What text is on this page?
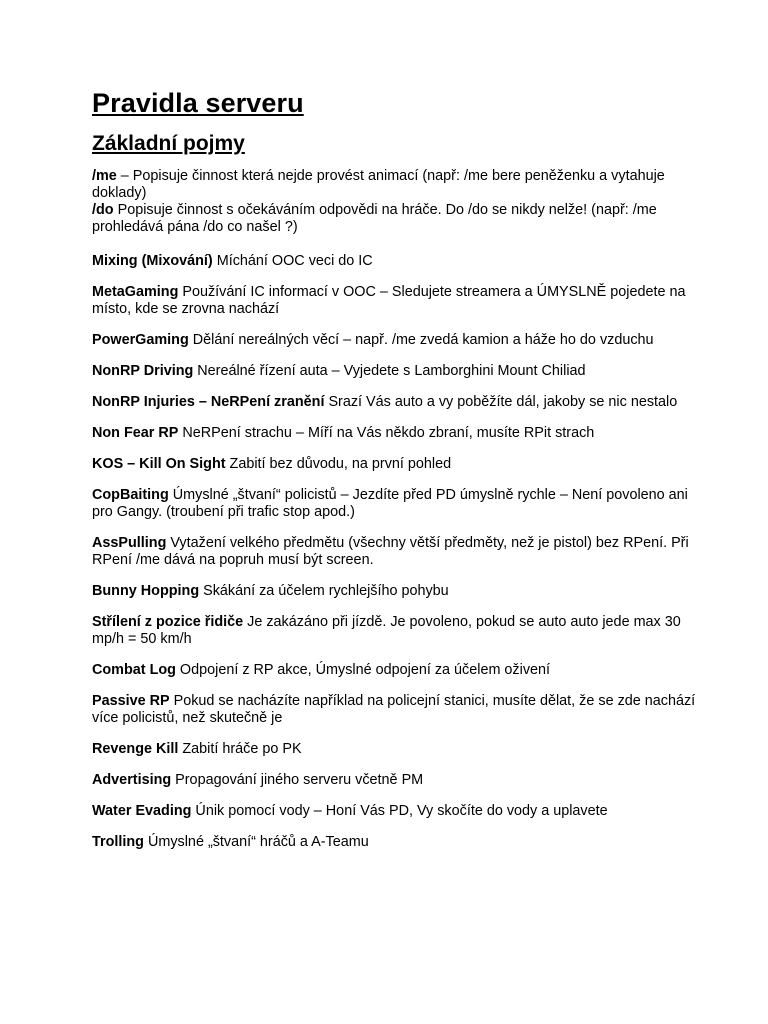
Pravidla serveru
Základní pojmy

/me – Popisuje činnost která nejde provést animací (např: /me bere peněženku a vytahuje doklady)

/do Popisuje činnost s očekáváním odpovědi na hráče. Do /do se nikdy nelže! (např: /me prohledává pána /do co našel ?)

Mixing (Mixování) Míchání OOC veci do IC

MetaGaming Používání IC informací v OOC – Sledujete streamera a ÚMYSLNĚ pojedete na místo, kde se zrovna nachází

PowerGaming Dělání nereálných věcí – např. /me zvedá kamion a háže ho do vzduchu

NonRP Driving Nereálné řízení auta – Vyjedete s Lamborghini Mount Chiliad

NonRP Injuries – NeRPení zranění Srazí Vás auto a vy poběžíte dál, jakoby se nic nestalo

Non Fear RP NeRPení strachu – Míří na Vás někdo zbraní, musíte RPit strach

KOS – Kill On Sight Zabití bez důvodu, na první pohled

CopBaiting Úmyslné „štvaní“ policistů – Jezdíte před PD úmyslně rychle – Není povoleno ani pro Gangy. (troubení při trafic stop apod.)

AssPulling Vytažení velkého předmětu (všechny větší předměty, než je pistol) bez RPení. Při RPení /me dává na popruh musí být screen.

Bunny Hopping Skákání za účelem rychlejšího pohybu

Střílení z pozice řidiče Je zakázáno při jízdě. Je povoleno, pokud se auto auto jede max 30 mp/h = 50 km/h

Combat Log Odpojení z RP akce, Úmyslné odpojení za účelem oživení

Passive RP Pokud se nacházíte například na policejní stanici, musíte dělat, že se zde nachází více policistů, než skutečně je

Revenge Kill Zabití hráče po PK

Advertising Propagování jiného serveru včetně PM

Water Evading Únik pomocí vody – Honí Vás PD, Vy skočíte do vody a uplavete

Trolling Úmyslné „štvaní“ hráčů a A-Teamu
